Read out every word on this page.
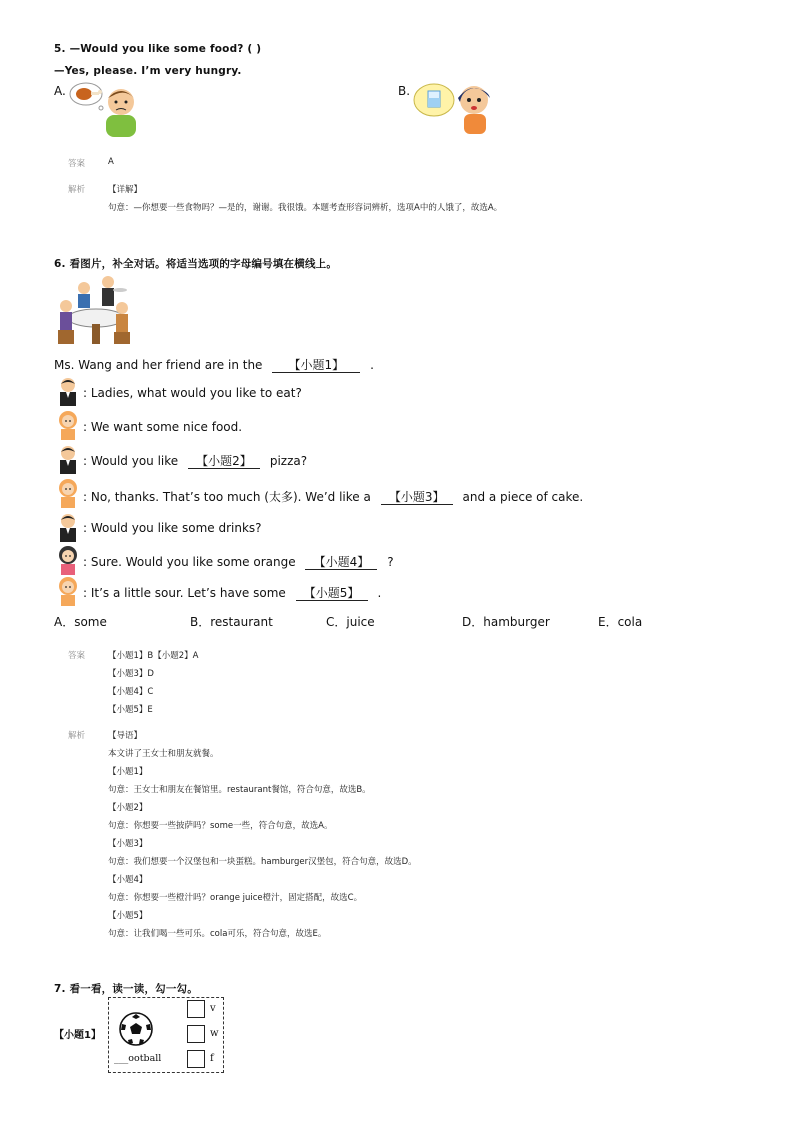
5. —Would you like some food? ( )
—Yes, please. I’m very hungry.
A.	B.
答案	A
解析	【详解】
句意：—你想要一些食物吗？—是的，谢谢。我很饿。本题考查形容词辨析，选项A中的人饿了，故选A。
6. 看图片，补全对话。将适当选项的字母编号填在横线上。
Ms. Wang and her friend are in the 【小题1】 .
: Ladies, what would you like to eat?
: We want some nice food.
: Would you like 【小题2】 pizza?
: No, thanks. That’s too much (太多). We’d like a 【小题3】 and a piece of cake.
: Would you like some drinks?
: Sure. Would you like some orange 【小题4】 ?
: It’s a little sour. Let’s have some 【小题5】 .
A．some	B．restaurant	C．juice	D．hamburger	E．cola
答案	【小题1】B【小题2】A
【小题3】D
【小题4】C
【小题5】E
解析	【导语】
本文讲了王女士和朋友就餐。
【小题1】
句意：王女士和朋友在餐馆里。restaurant餐馆，符合句意，故选B。
【小题2】
句意：你想要一些披萨吗？some一些，符合句意，故选A。
【小题3】
句意：我们想要一个汉堡包和一块蛋糕。hamburger汉堡包，符合句意，故选D。
【小题4】
句意：你想要一些橙汁吗？orange juice橙汁，固定搭配，故选C。
【小题5】
句意：让我们喝一些可乐。cola可乐，符合句意，故选E。
7. 看一看，读一读，勾一勾。
【小题1】
___ootball
v
w
f
